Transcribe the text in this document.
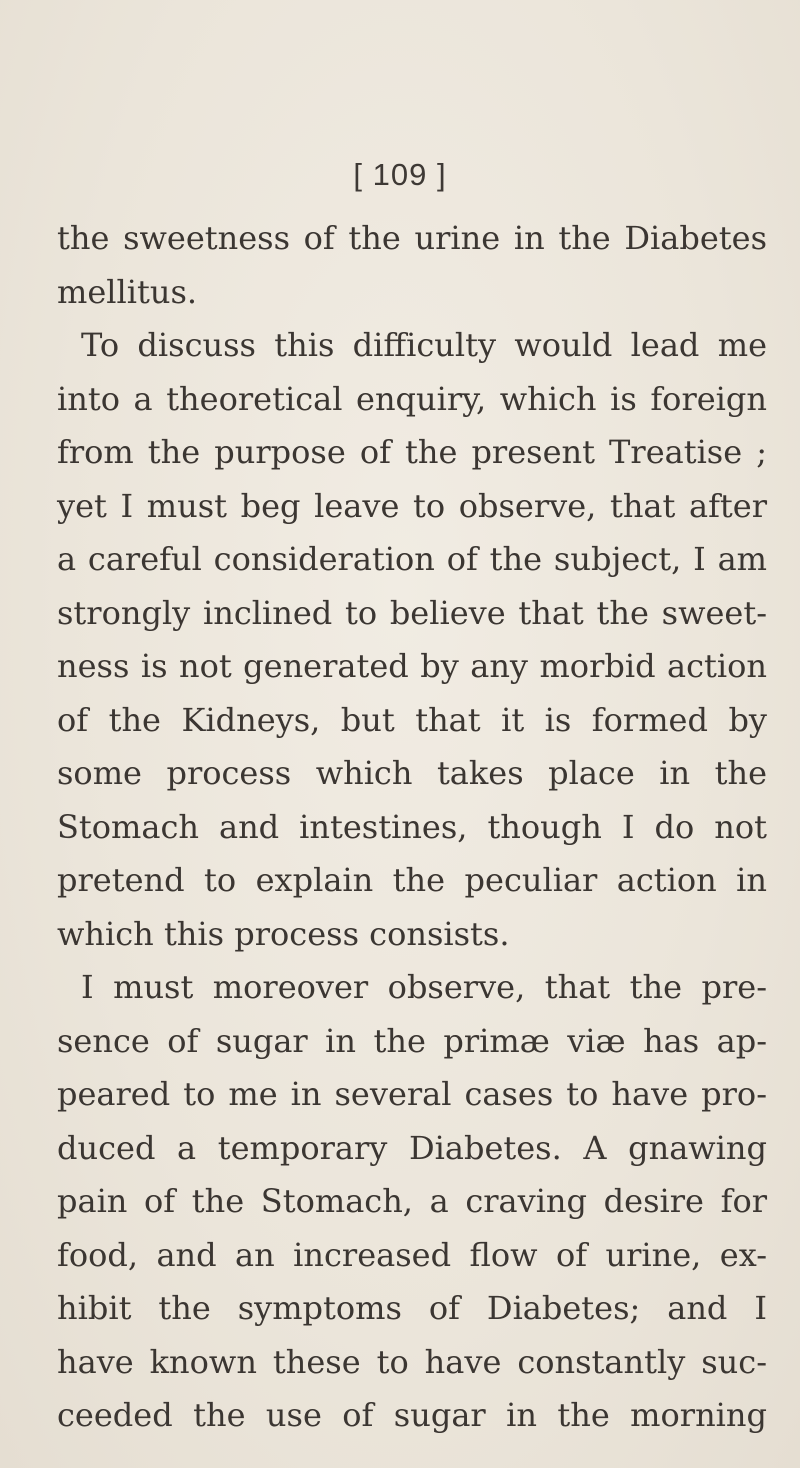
[ 109 ]
the sweetness of the urine in the Diabetes
mellitus.
To discuss this difficulty would lead me
into a theoretical enquiry, which is foreign
from the purpose of the present Treatise ;
yet I must beg leave to observe, that after
a careful consideration of the subject, I am
strongly inclined to believe that the sweet-
ness is not generated by any morbid action
of the Kidneys, but that it is formed by
some process which takes place in the
Stomach and intestines, though I do not
pretend to explain the peculiar action in
which this process consists.
I must moreover observe, that the pre-
sence of sugar in the primæ viæ has ap-
peared to me in several cases to have pro-
duced a temporary Diabetes. A gnawing
pain of the Stomach, a craving desire for
food, and an increased flow of urine, ex-
hibit the symptoms of Diabetes; and I
have known these to have constantly suc-
ceeded the use of sugar in the morning
